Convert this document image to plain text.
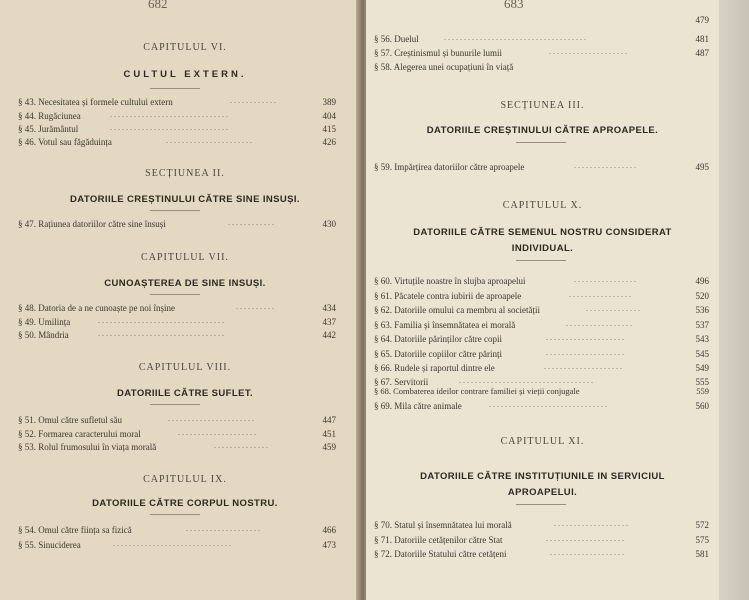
682
CAPITULUL VI.
CULTUL EXTERN.
§ 43. Necesitatea și formele cultului extern	............	389
§ 44. Rugăciunea	..............................	404
§ 45. Jurământul	..............................	415
§ 46. Votul sau făgăduința	......................	426
SECȚIUNEA II.
DATORIILE CREȘTINULUI CĂTRE SINE INSUȘI.
§ 47. Rațiunea datoriilor către sine însuși	............	430
CAPITULUL VII.
CUNOAȘTEREA DE SINE INSUȘI.
§ 48. Datoria de a ne cunoaște pe noi înșine	..........	434
§ 49. Umilința	................................	437
§ 50. Mândria	................................	442
CAPITULUL VIII.
DATORIILE CĂTRE SUFLET.
§ 51. Omul către sufletul său	......................	447
§ 52. Formarea caracterului moral	....................	451
§ 53. Rolul frumosului în viața morală	..............	459
CAPITULUL IX.
DATORIILE CĂTRE CORPUL NOSTRU.
§ 54. Omul către ființa sa fizică	...................	466
§ 55. Sinuciderea	..............................	473
683
479
§ 56. Duelul	....................................	481
§ 57. Creștinismul și bunurile lumii	....................	487
§ 58. Alegerea unei ocupațiuni în viață
SECȚIUNEA III.
DATORIILE CREȘTINULUI CĂTRE APROAPELE.
§ 59. Impărțirea datoriilor către aproapele	................	495
CAPITULUL X.
DATORIILE CĂTRE SEMENUL NOSTRU CONSIDERAT
INDIVIDUAL.
§ 60. Virtuțile noastre în slujba aproapelui	................	496
§ 61. Păcatele contra iubirii de aproapele	................	520
§ 62. Datoriile omului ca membru al societății	..............	536
§ 63. Familia și însemnătatea ei morală	.................	537
§ 64. Datoriile părinților către copii	....................	543
§ 65. Datoriile copiilor către părinți	....................	545
§ 66. Rudele și raportul dintre ele	....................	549
§ 67. Servitorii	..................................	555
§ 68. Combaterea ideilor contrare familiei și vieții conjugale	559
§ 69. Mila către animale	..............................	560
CAPITULUL XI.
DATORIILE CĂTRE INSTITUȚIUNILE IN SERVICIUL
APROAPELUI.
§ 70. Statul și însemnătatea lui morală	...................	572
§ 71. Datoriile cetățenilor către Stat	....................	575
§ 72. Datoriile Statului către cetățeni	...................	581
